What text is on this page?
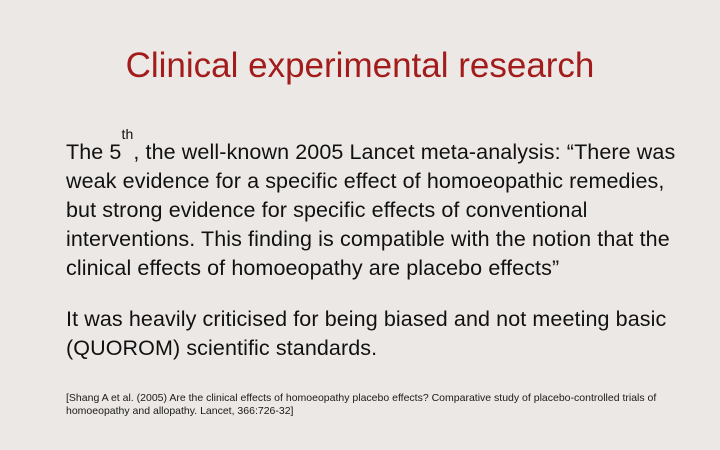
Clinical experimental research

The 5th, the well-known 2005 Lancet meta-analysis: “There was weak evidence for a specific effect of homoeopathic remedies, but strong evidence for specific effects of conventional interventions. This finding is compatible with the notion that the clinical effects of homoeopathy are placebo effects”

It was heavily criticised for being biased and not meeting basic (QUOROM) scientific standards.

[Shang A et al. (2005) Are the clinical effects of homoeopathy placebo effects? Comparative study of placebo-controlled trials of homoeopathy and allopathy. Lancet, 366:726-32]
